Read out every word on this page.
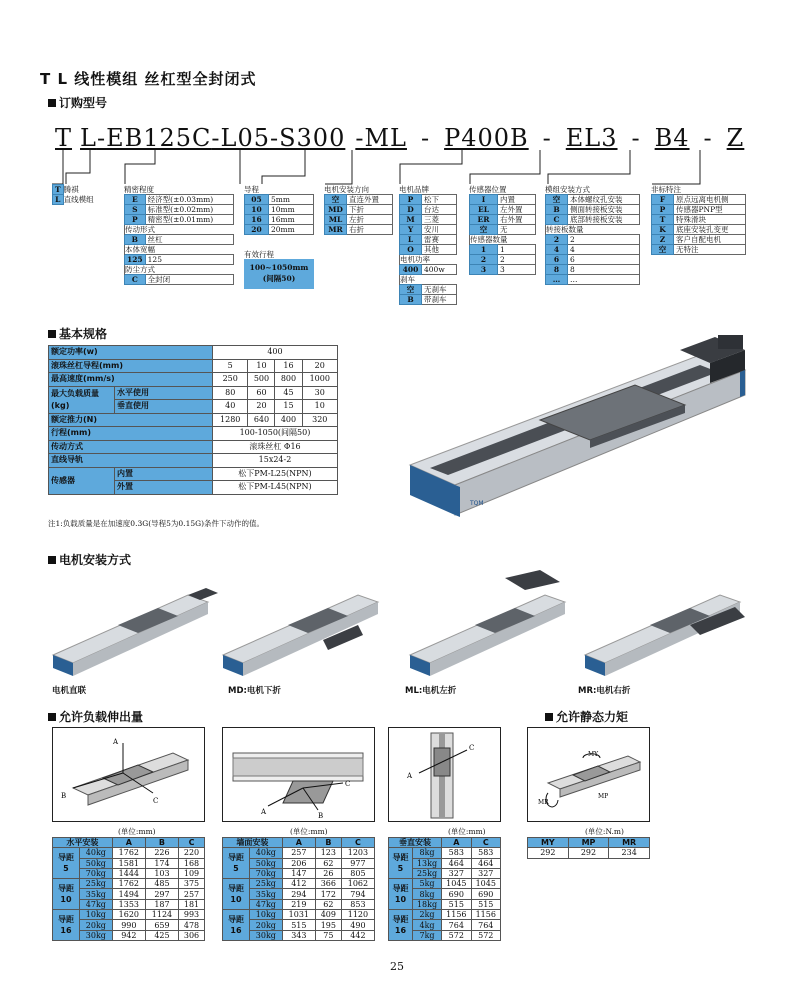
T L 线性模组 丝杠型全封闭式
订购型号
T L-EB125C-L05-S300 -ML - P400B - EL3 - B4 - Z
T	腾祺
L	直线模组
精密程度
E	经济型(±0.03mm)
S	标准型(±0.02mm)
P	精密型(±0.01mm)
传动形式	
B	丝杠
本体宽幅	
125	125
防尘方式	
C	全封闭
导程
05	5mm
10	10mm
16	16mm
20	20mm
有效行程
100~1050mm
(间隔50)
电机安装方向
空	直连外置
MD	下折
ML	左折
MR	右折
电机品牌
P	松下
D	台达
M	三菱
Y	安川
L	雷赛
O	其他
电机功率	
400	400w
刹车	
空	无刹车
B	带刹车
传感器位置
I	内置
EL	左外置
ER	右外置
空	无
传感器数量	
1	1
2	2
3	3
模组安装方式
空	本体螺纹孔安装
B	侧面转接板安装
C	底部转接板安装
转接板数量	
2	2
4	4
6	6
8	8
…	…
非标特注
F	原点远离电机侧
P	传感器PNP型
T	特殊滑块
K	底座安装孔变更
Z	客户自配电机
空	无特注
基本规格
额定功率(w)		400			
滚珠丝杠导程(mm)		5	10	16	20
最高速度(mm/s)		250	500	800	1000

最大负载质量
(kg)	水平使用	80	60	45	30
	垂直使用	40	20	15	10
额定推力(N)		1280	640	400	320
行程(mm)		100-1050(间隔50)			
传动方式		滚珠丝杠 Φ16			
直线导轨		15x24-2			
传感器	内置	松下PM-L25(NPN)			
	外置	松下PM-L45(NPN)			
注1:负载质量是在加速度0.3G(导程5为0.15G)条件下动作的值。
TQM
电机安装方式
电机直联	MD:电机下折	ML:电机左折	MR:电机右折
允许负载伸出量	允许静态力矩
A
B
C
A	B
C
A
C
MY
MP
MR
(单位:mm)	(单位:mm)	(单位:mm)	(单位:N.m)
水平安装		A	B	C

导距
5	40kg	1762	226	220
	50kg	1581	174	168
	70kg	1444	103	109

导距
10	25kg	1762	485	375
	35kg	1494	297	257
	47kg	1353	187	181

导距
16	10kg	1620	1124	993
	20kg	990	659	478
	30kg	942	425	306
墙面安装		A	B	C

导距
5	40kg	257	123	1203
	50kg	206	62	977
	70kg	147	26	805

导距
10	25kg	412	366	1062
	35kg	294	172	794
	47kg	219	62	853

导距
16	10kg	1031	409	1120
	20kg	515	195	490
	30kg	343	75	442
垂直安装		A	C

导距
5	8kg	583	583
	13kg	464	464
	25kg	327	327

导距
10	5kg	1045	1045
	8kg	690	690
	18kg	515	515

导距
16	2kg	1156	1156
	4kg	764	764
	7kg	572	572
MY	MP	MR
292	292	234
25
